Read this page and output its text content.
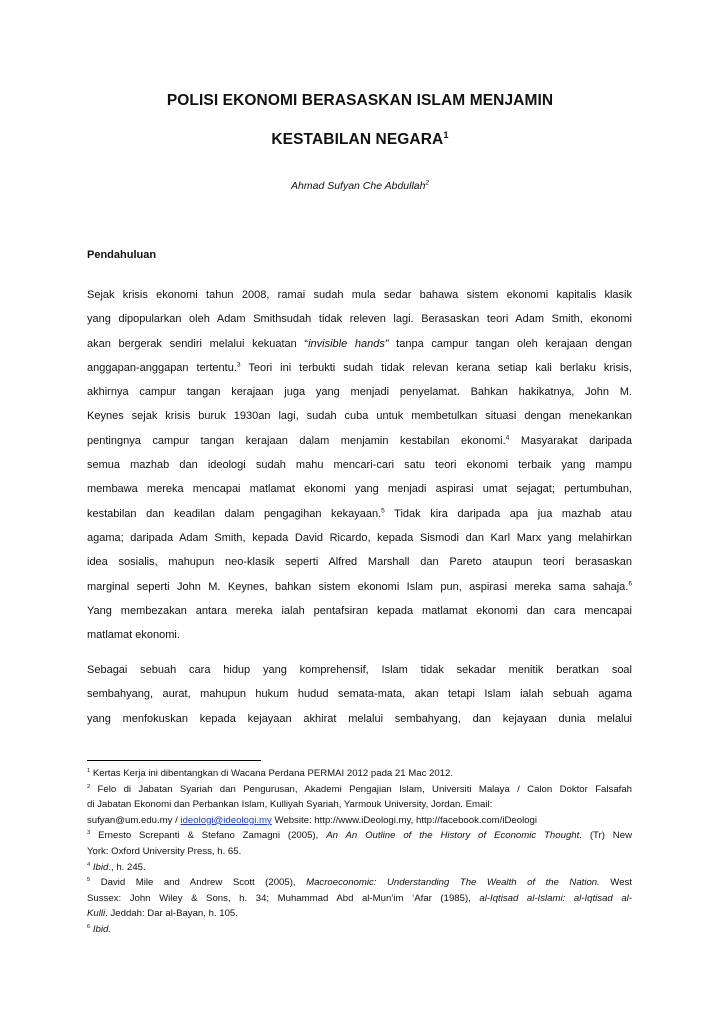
POLISI EKONOMI BERASASKAN ISLAM MENJAMIN
KESTABILAN NEGARA$^1$
Ahmad Sufyan Che Abdullah$^2$
Pendahuluan
Sejak krisis ekonomi tahun 2008, ramai sudah mula sedar bahawa sistem ekonomi kapitalis klasik
yang dipopularkan oleh Adam Smithsudah tidak releven lagi. Berasaskan teori Adam Smith, ekonomi
akan bergerak sendiri melalui kekuatan “invisible hands” tanpa campur tangan oleh kerajaan dengan
anggapan-anggapan tertentu.$^3$ Teori ini terbukti sudah tidak relevan kerana setiap kali berlaku krisis,
akhirnya campur tangan kerajaan juga yang menjadi penyelamat. Bahkan hakikatnya, John M.
Keynes sejak krisis buruk 1930an lagi, sudah cuba untuk membetulkan situasi dengan menekankan
pentingnya campur tangan kerajaan dalam menjamin kestabilan ekonomi.$^4$ Masyarakat daripada
semua mazhab dan ideologi sudah mahu mencari-cari satu teori ekonomi terbaik yang mampu
membawa mereka mencapai matlamat ekonomi yang menjadi aspirasi umat sejagat; pertumbuhan,
kestabilan dan keadilan dalam pengagihan kekayaan.$^5$ Tidak kira daripada apa jua mazhab atau
agama; daripada Adam Smith, kepada David Ricardo, kepada Sismodi dan Karl Marx yang melahirkan
idea sosialis, mahupun neo-klasik seperti Alfred Marshall dan Pareto ataupun teori berasaskan
marginal seperti John M. Keynes, bahkan sistem ekonomi Islam pun, aspirasi mereka sama sahaja.$^6$
Yang membezakan antara mereka ialah pentafsiran kepada matlamat ekonomi dan cara mencapai
matlamat ekonomi.
Sebagai sebuah cara hidup yang komprehensif, Islam tidak sekadar menitik beratkan soal
sembahyang, aurat, mahupun hukum hudud semata-mata, akan tetapi Islam ialah sebuah agama
yang menfokuskan kepada kejayaan akhirat melalui sembahyang, dan kejayaan dunia melalui
$^1$ Kertas Kerja ini dibentangkan di Wacana Perdana PERMAI 2012 pada 21 Mac 2012.
$^2$ Felo di Jabatan Syariah dan Pengurusan, Akademi Pengajian Islam, Universiti Malaya / Calon Doktor Falsafah
di Jabatan Ekonomi dan Perbankan Islam, Kulliyah Syariah, Yarmouk University, Jordan. Email:
sufyan@um.edu.my / ideologi@ideologi.my Website: http://www.iDeologi.my, http://facebook.com/iDeologi
$^3$ Ernesto Screpanti & Stefano Zamagni (2005), An An Outline of the History of Economic Thought. (Tr) New
York: Oxford University Press, h. 65.
$^4$ Ibid., h. 245.
$^5$ David Mile and Andrew Scott (2005), Macroeconomic: Understanding The Wealth of the Nation. West
Sussex: John Wiley & Sons, h. 34; Muhammad Abd al-Mun’im ‘Afar (1985), al-Iqtisad al-Islami: al-Iqtisad al-
Kulli. Jeddah: Dar al-Bayan, h. 105.
$^6$ Ibid.
